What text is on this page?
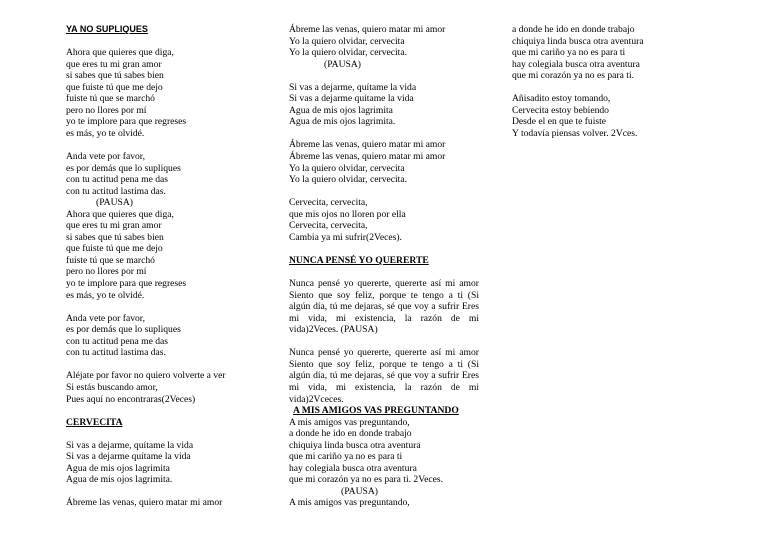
YA NO SUPLIQUES
Ahora que quieres que diga,
que eres tu mi gran amor
si sabes que tú sabes bien
que fuiste tú que me dejo
fuiste tú que se marchó
pero no llores por mí
yo te implore para que regreses
es más, yo te olvidé.
Anda vete por favor,
es por demás que lo supliques
con tu actitud pena me das
con tu actitud lastima das.
(PAUSA)
Ahora que quieres que diga,
que eres tu mi gran amor
si sabes que tú sabes bien
que fuiste tú que me dejo
fuiste tú que se marchó
pero no llores por mí
yo te implore para que regreses
es más, yo te olvidé.
Anda vete por favor,
es por demás que lo supliques
con tu actitud pena me das
con tu actitud lastima das.
Aléjate por favor no quiero volverte a ver
Si estás buscando amor,
Pues aquí no encontraras(2Veces)
CERVECITA
Si vas a dejarme, quítame la vida
Si vas a dejarme quítame la vida
Agua de mis ojos lagrimita
Agua de mis ojos lagrimita.
Ábreme las venas, quiero matar mi amor
Ábreme las venas, quiero matar mi amor
Yo la quiero olvidar, cervecita
Yo la quiero olvidar, cervecita.
(PAUSA)
Si vas a dejarme, quítame la vida
Si vas a dejarme quítame la vida
Agua de mis ojos lagrimita
Agua de mis ojos lagrimita.
Ábreme las venas, quiero matar mi amor
Ábreme las venas, quiero matar mi amor
Yo la quiero olvidar, cervecita
Yo la quiero olvidar, cervecita.
Cervecita, cervecita,
que mis ojos no lloren por ella
Cervecita, cervecita,
Cambia ya mi sufrir(2Veces).
NUNCA PENSÉ YO QUERERTE
Nunca pensé yo quererte, quererte así mi amor Siento que soy feliz, porque te tengo a ti (Si algún día, tú me dejaras, sé que voy a sufrir Eres mi vida, mi existencia, la razón de mi vida)2Veces. (PAUSA)
Nunca pensé yo quererte, quererte así mi amor Siento que soy feliz, porque te tengo a ti (Si algún día, tú me dejaras, sé que voy a sufrir Eres mi vida, mi existencia, la razón de mi vida)2Vceces.
A MIS AMIGOS VAS PREGUNTANDO
A mis amigos vas preguntando,
a donde he ido en donde trabajo
chiquiya linda busca otra aventura
que mi cariño ya no es para ti
hay colegiala busca otra aventura
que mi corazón ya no es para ti. 2Veces.
(PAUSA)
A mis amigos vas preguntando,
a donde he ido en donde trabajo
chiquiya linda busca otra aventura
que mi cariño ya no es para ti
hay colegiala busca otra aventura
que mi corazón ya no es para ti.
Añisadito estoy tomando,
Cervecita estoy bebiendo
Desde el en que te fuiste
Y todavía piensas volver. 2Vces.
